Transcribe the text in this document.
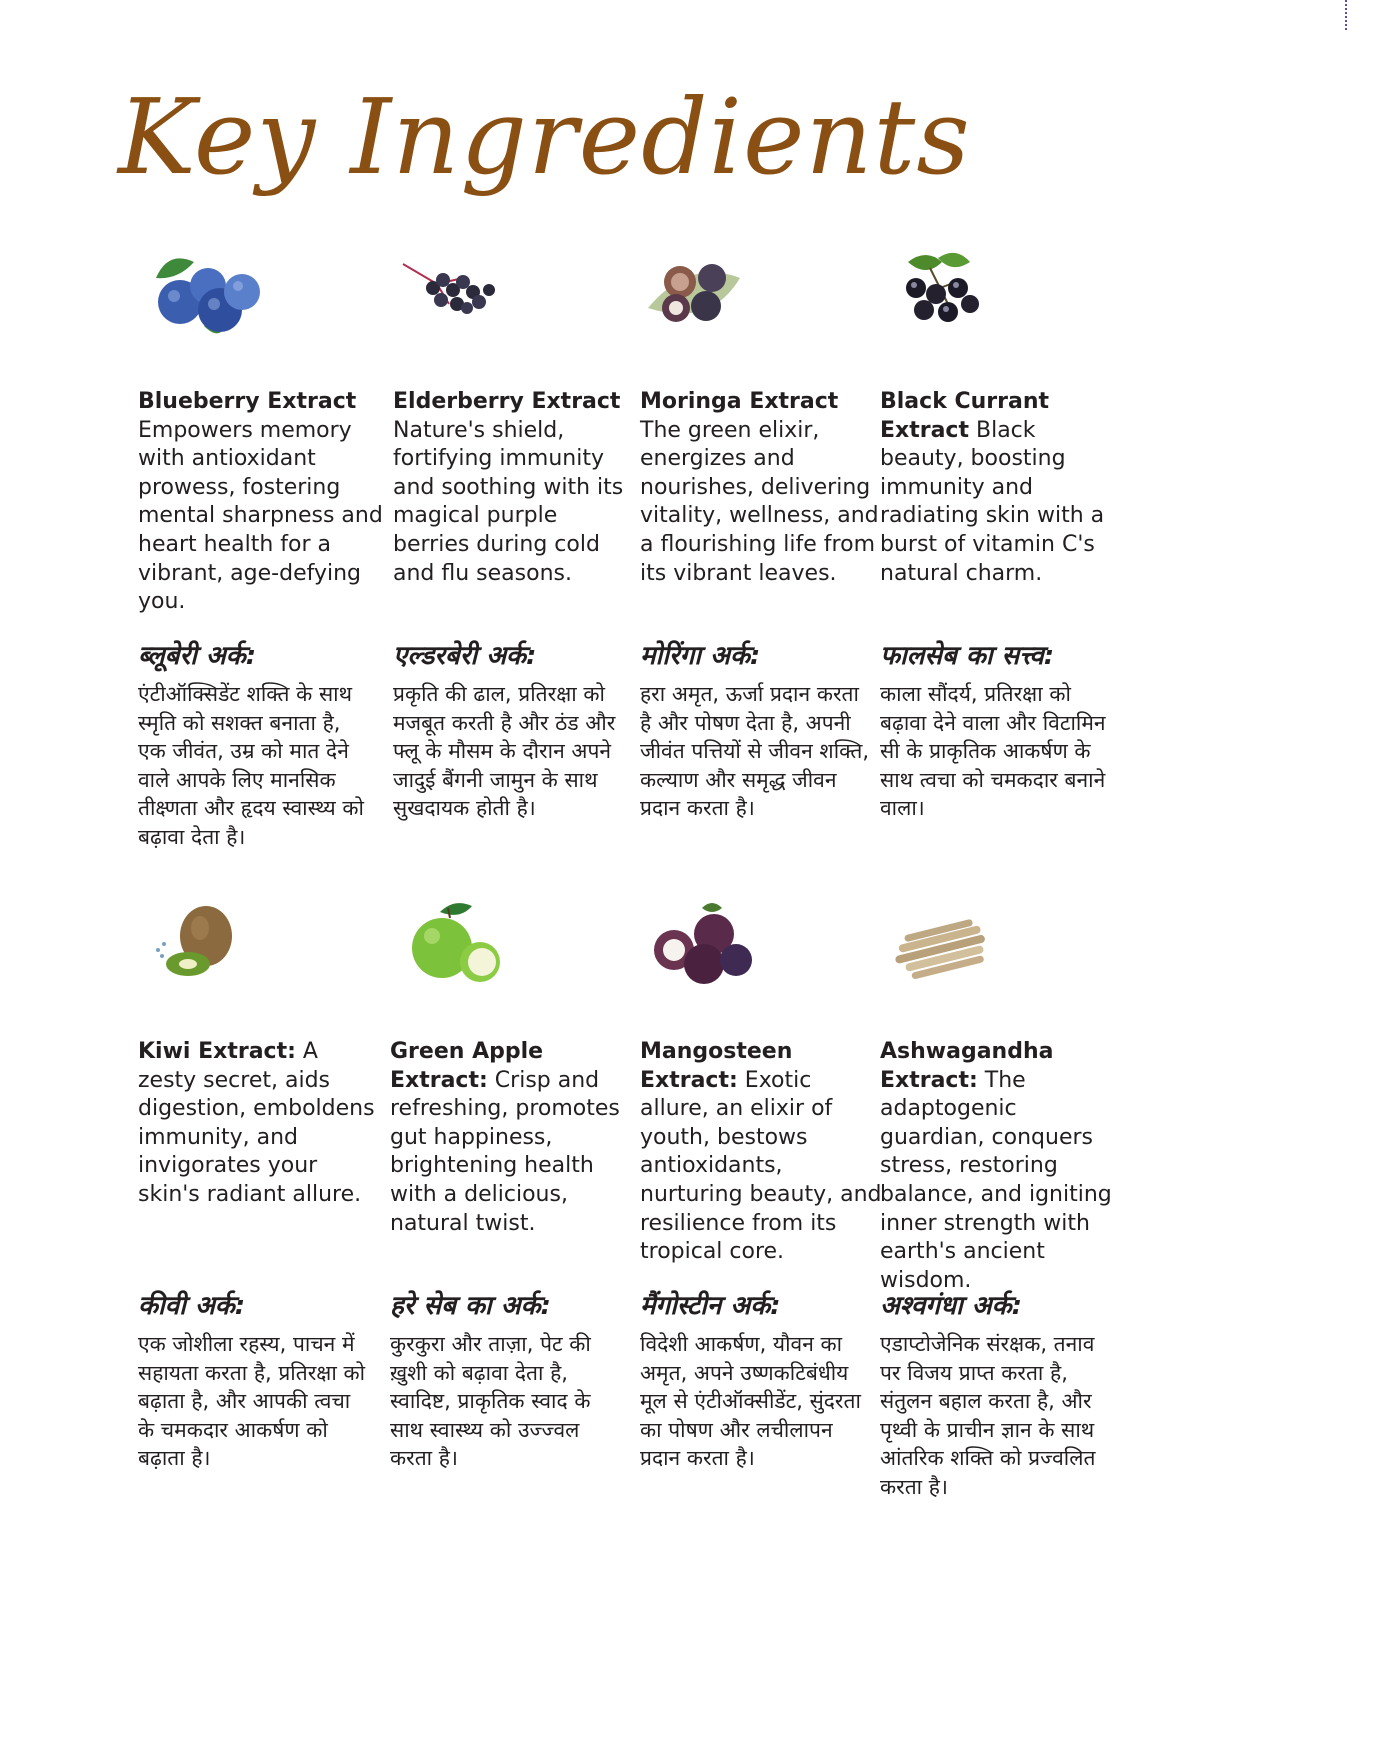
Key Ingredients

Blueberry Extract Empowers memory with antioxidant prowess, fostering mental sharpness and heart health for a vibrant, age-defying you.

ब्लूबेरी अर्क:

एंटीऑक्सिडेंट शक्ति के साथ स्मृति को सशक्त बनाता है, एक जीवंत, उम्र को मात देने वाले आपके लिए मानसिक तीक्ष्णता और हृदय स्वास्थ्य को बढ़ावा देता है।

Elderberry Extract Nature's shield, fortifying immunity and soothing with its magical purple berries during cold and flu seasons.

एल्डरबेरी अर्क:

प्रकृति की ढाल, प्रतिरक्षा को मजबूत करती है और ठंड और फ्लू के मौसम के दौरान अपने जादुई बैंगनी जामुन के साथ सुखदायक होती है।

Moringa Extract The green elixir, energizes and nourishes, delivering vitality, wellness, and a flourishing life from its vibrant leaves.

मोरिंगा अर्क:

हरा अमृत, ऊर्जा प्रदान करता है और पोषण देता है, अपनी जीवंत पत्तियों से जीवन शक्ति, कल्याण और समृद्ध जीवन प्रदान करता है।

Black Currant Extract Black beauty, boosting immunity and radiating skin with a burst of vitamin C's natural charm.

फालसेब का सत्त्व:

काला सौंदर्य, प्रतिरक्षा को बढ़ावा देने वाला और विटामिन सी के प्राकृतिक आकर्षण के साथ त्वचा को चमकदार बनाने वाला।

Kiwi Extract: A zesty secret, aids digestion, emboldens immunity, and invigorates your skin's radiant allure.

कीवी अर्क:

एक जोशीला रहस्य, पाचन में सहायता करता है, प्रतिरक्षा को बढ़ाता है, और आपकी त्वचा के चमकदार आकर्षण को बढ़ाता है।

Green Apple Extract: Crisp and refreshing, promotes gut happiness, brightening health with a delicious, natural twist.

हरे सेब का अर्क:

कुरकुरा और ताज़ा, पेट की ख़ुशी को बढ़ावा देता है, स्वादिष्ट, प्राकृतिक स्वाद के साथ स्वास्थ्य को उज्ज्वल करता है।

Mangosteen Extract: Exotic allure, an elixir of youth, bestows antioxidants, nurturing beauty, and resilience from its tropical core.

मैंगोस्टीन अर्क:

विदेशी आकर्षण, यौवन का अमृत, अपने उष्णकटिबंधीय मूल से एंटीऑक्सीडेंट, सुंदरता का पोषण और लचीलापन प्रदान करता है।

Ashwagandha Extract: The adaptogenic guardian, conquers stress, restoring balance, and igniting inner strength with earth's ancient wisdom.

अश्वगंधा अर्क:

एडाप्टोजेनिक संरक्षक, तनाव पर विजय प्राप्त करता है, संतुलन बहाल करता है, और पृथ्वी के प्राचीन ज्ञान के साथ आंतरिक शक्ति को प्रज्वलित करता है।
